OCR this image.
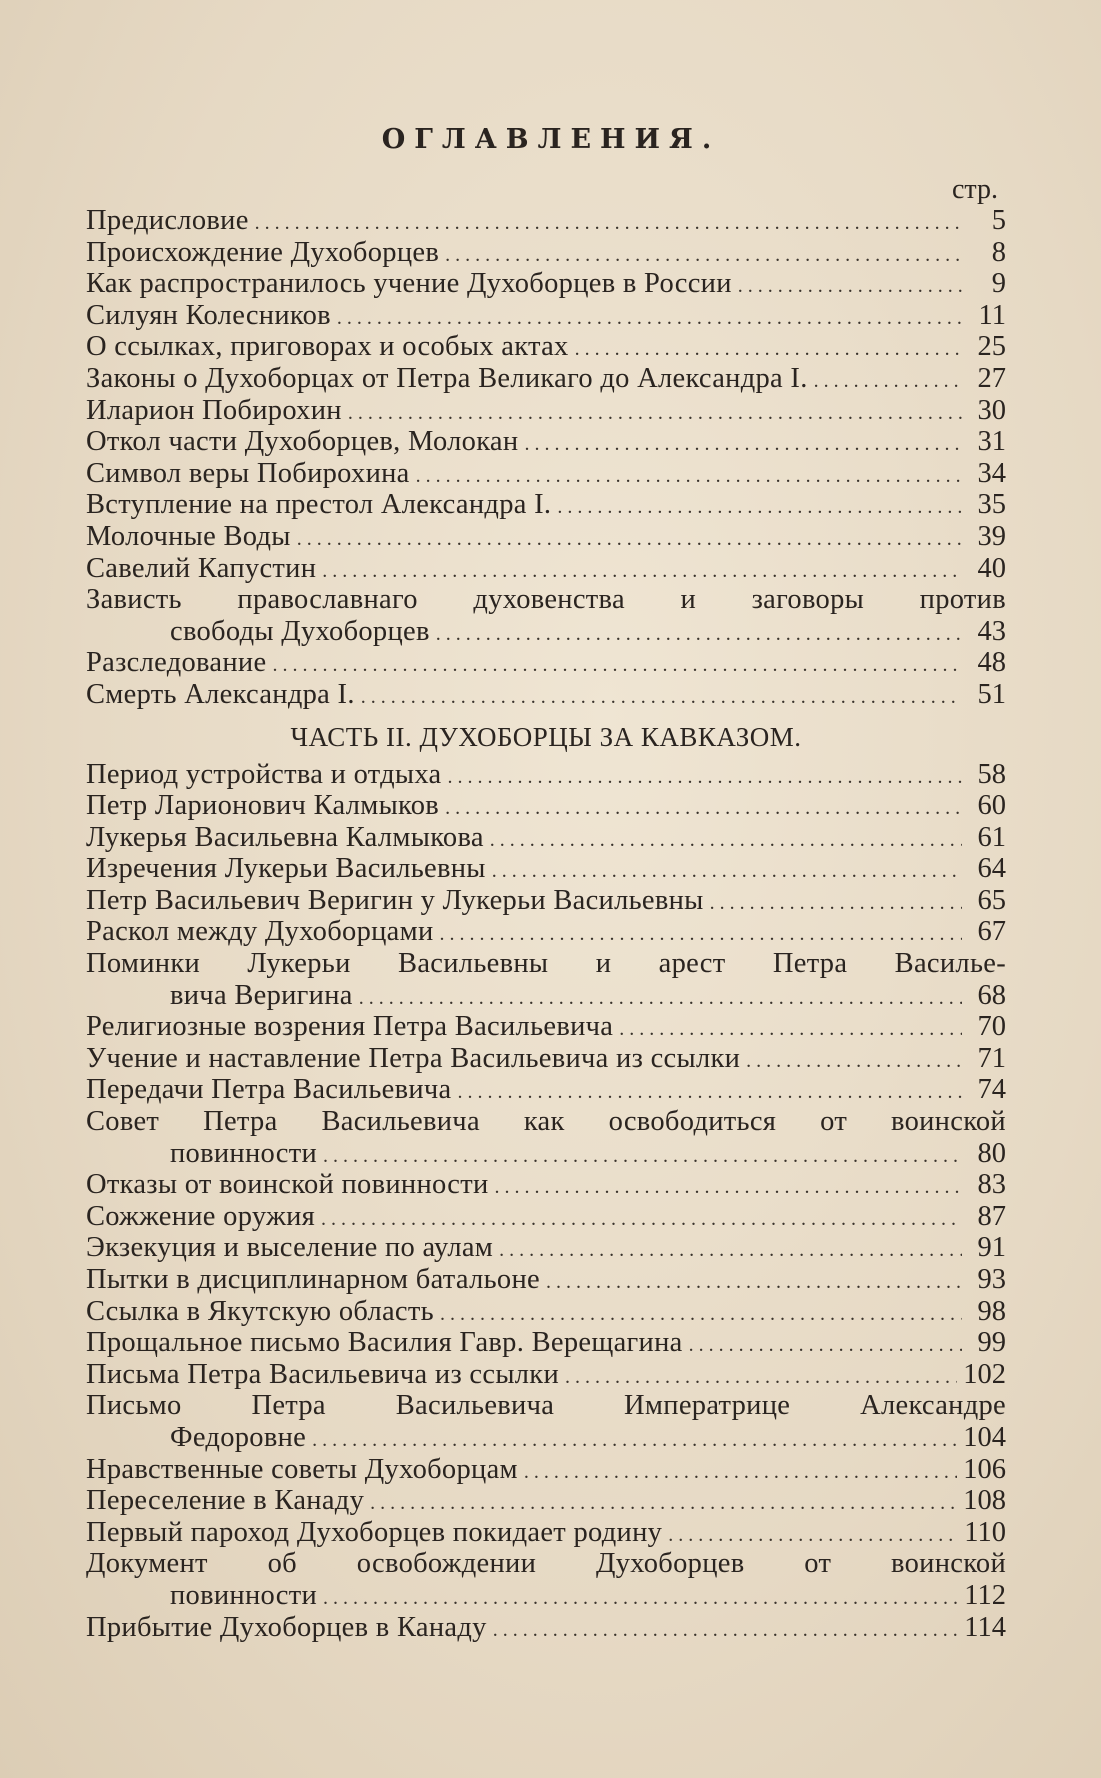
ОГЛАВЛЕНИЯ.
стр.
Предисловие . . .	5
Происхождение Духоборцев . . .	8
Как распространилось учение Духоборцев в России . . .	9
Силуян Колесников . . .	11
О ссылках, приговорах и особых актах . . .	25
Законы о Духоборцах от Петра Великаго до Александра I. . . .	27
Иларион Побирохин . . .	30
Откол части Духоборцев, Молокан . . .	31
Символ веры Побирохина . . .	34
Вступление на престол Александра I. . . .	35
Молочные Воды . . .	39
Савелий Капустин . . .	40
Зависть православнаго духовенства и заговоры против
свободы Духоборцев . . .	43
Разследование . . .	48
Смерть Александра I. . . .	51
ЧАСТЬ II. ДУХОБОРЦЫ ЗА КАВКАЗОМ.
Период устройства и отдыха . . .	58
Петр Ларионович Калмыков . . .	60
Лукерья Васильевна Калмыкова . . .	61
Изречения Лукерьи Васильевны . . .	64
Петр Васильевич Веригин у Лукерьи Васильевны . . .	65
Раскол между Духоборцами . . .	67
Поминки Лукерьи Васильевны и арест Петра Василье-
вича Веригина . . .	68
Религиозные возрения Петра Васильевича . . .	70
Учение и наставление Петра Васильевича из ссылки . . .	71
Передачи Петра Васильевича . . .	74
Совет Петра Васильевича как освободиться от воинской
повинности . . .	80
Отказы от воинской повинности . . .	83
Сожжение оружия . . .	87
Экзекуция и выселение по аулам . . .	91
Пытки в дисциплинарном батальоне . . .	93
Ссылка в Якутскую область . . .	98
Прощальное письмо Василия Гавр. Верещагина . . .	99
Письма Петра Васильевича из ссылки . . .	102
Письмо Петра Васильевича Императрице Александре
Федоровне . . .	104
Нравственные советы Духоборцам . . .	106
Переселение в Канаду . . .	108
Первый пароход Духоборцев покидает родину . . .	110
Документ об освобождении Духоборцев от воинской
повинности . . .	112
Прибытие Духоборцев в Канаду . . .	114
